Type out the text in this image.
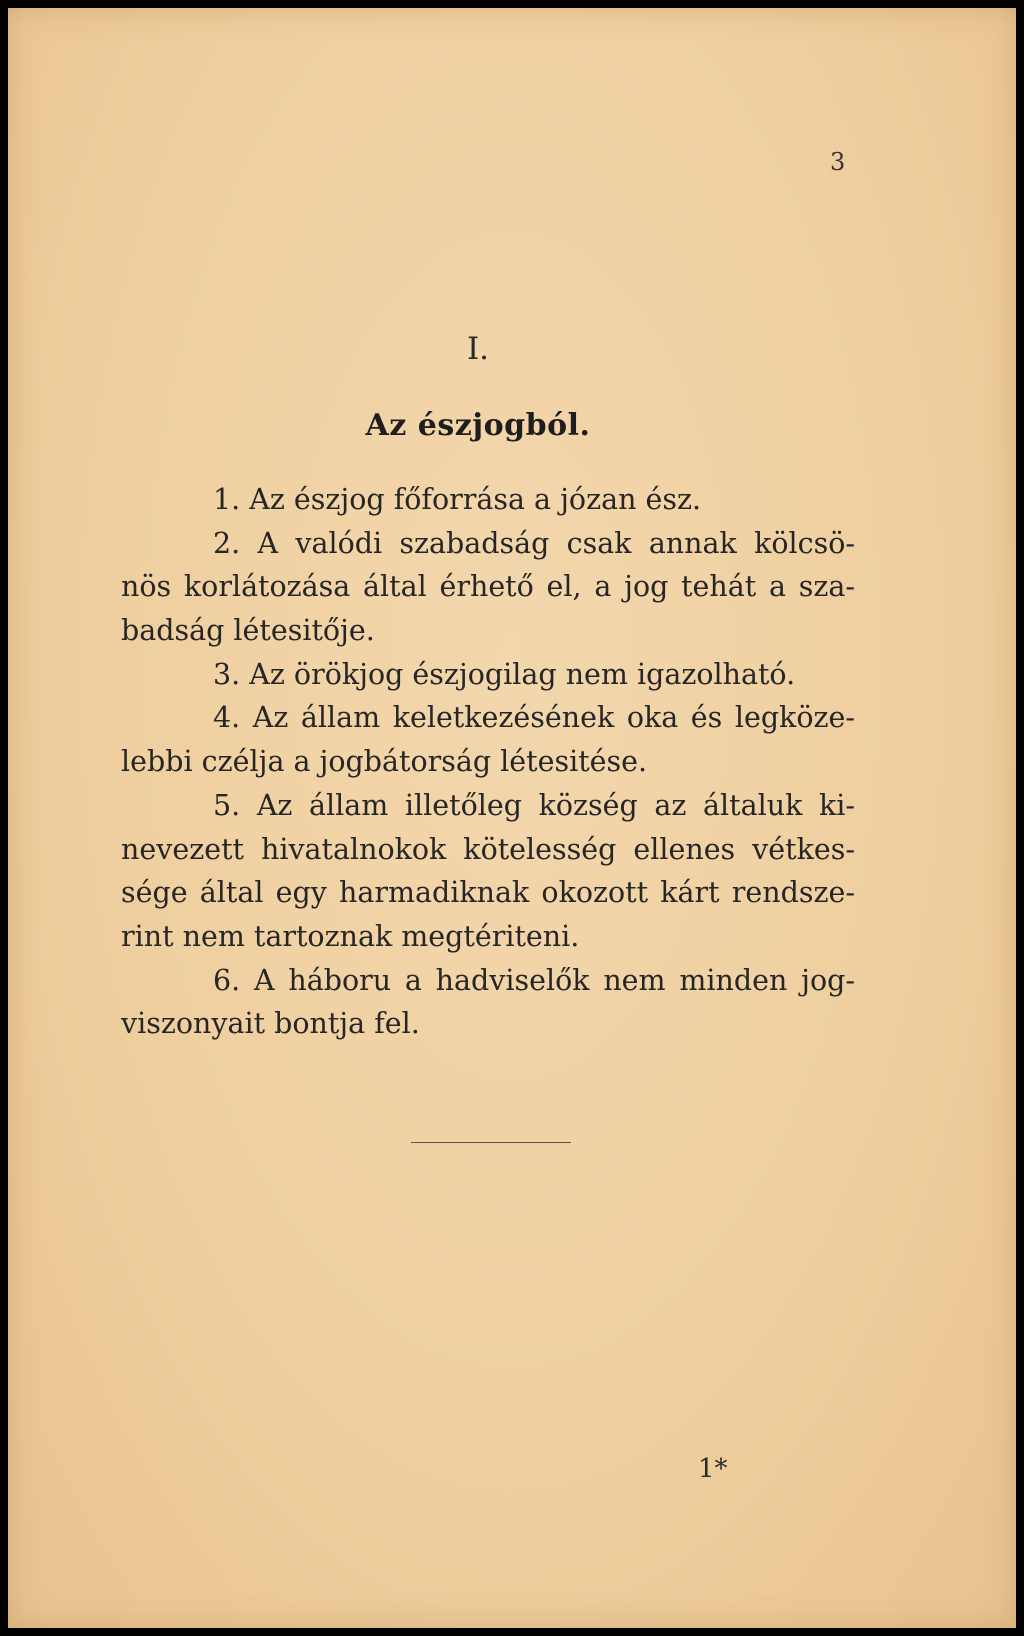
3
I.
Az észjogból.
1. Az észjog főforrása a józan ész.
2. A valódi szabadság csak annak kölcsö-
nös korlátozása által érhető el, a jog tehát a sza-
badság létesitője.
3. Az örökjog észjogilag nem igazolható.
4. Az állam keletkezésének oka és legköze-
lebbi czélja a jogbátorság létesitése.
5. Az állam illetőleg község az általuk ki-
nevezett hivatalnokok kötelesség ellenes vétkes-
sége által egy harmadiknak okozott kárt rendsze-
rint nem tartoznak megtériteni.
6. A háboru a hadviselők nem minden jog-
viszonyait bontja fel.
1*
